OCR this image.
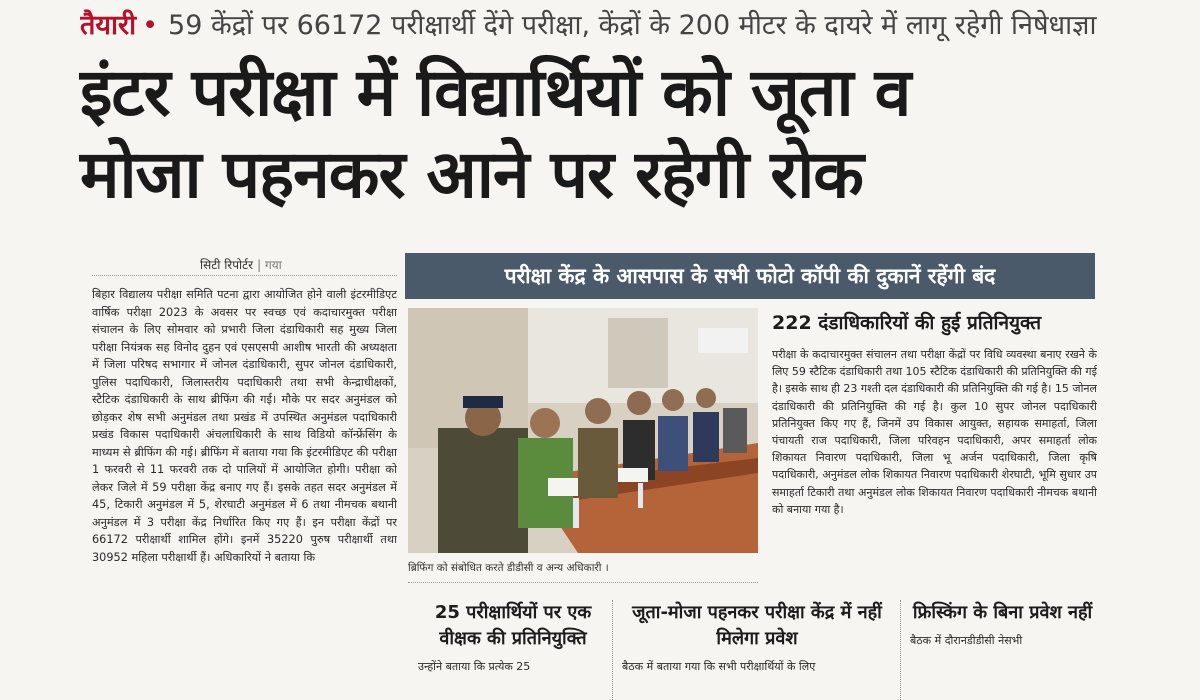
तैयारी • 59 केंद्रों पर 66172 परीक्षार्थी देंगे परीक्षा, केंद्रों के 200 मीटर के दायरे में लागू रहेगी निषेधाज्ञा
इंटर परीक्षा में विद्यार्थियों को जूता व
मोजा पहनकर आने पर रहेगी रोक
सिटी रिपोर्टर | गया
बिहार विद्यालय परीक्षा समिति पटना द्वारा आयोजित होने वाली इंटरमीडिएट वार्षिक परीक्षा 2023 के अवसर पर स्वच्छ एवं कदाचारमुक्त परीक्षा संचालन के लिए सोमवार को प्रभारी जिला दंडाधिकारी सह मुख्य जिला परीक्षा नियंत्रक सह विनोद दुहन एवं एसएसपी आशीष भारती की अध्यक्षता में जिला परिषद सभागार में जोनल दंडाधिकारी, सुपर जोनल दंडाधिकारी, पुलिस पदाधिकारी, जिलास्तरीय पदाधिकारी तथा सभी केन्द्राधीक्षकों, स्टैटिक दंडाधिकारी के साथ ब्रीफिंग की गई। मौके पर सदर अनुमंडल को छोड़कर शेष सभी अनुमंडल तथा प्रखंड में उपस्थित अनुमंडल पदाधिकारी प्रखंड विकास पदाधिकारी अंचलाधिकारी के साथ विडियो कॉन्फ्रेंसिंग के माध्यम से ब्रीफिंग की गई। ब्रीफिंग में बताया गया कि इंटरमीडिएट की परीक्षा 1 फरवरी से 11 फरवरी तक दो पालियों में आयोजित होगी। परीक्षा को लेकर जिले में 59 परीक्षा केंद्र बनाए गए हैं। इसके तहत सदर अनुमंडल में 45, टिकारी अनुमंडल में 5, शेरघाटी अनुमंडल में 6 तथा नीमचक बथानी अनुमंडल में 3 परीक्षा केंद्र निर्धारित किए गए हैं। इन परीक्षा केंद्रों पर 66172 परीक्षार्थी शामिल होंगे। इनमें 35220 पुरुष परीक्षार्थी तथा 30952 महिला परीक्षार्थी हैं। अधिकारियों ने बताया कि
परीक्षा केंद्र के आसपास के सभी फोटो कॉपी की दुकानें रहेंगी बंद
ब्रिफिंग को संबोधित करते डीडीसी व अन्य अधिकारी ।
222 दंडाधिकारियों की हुई प्रतिनियुक्त
परीक्षा के कदाचारमुक्त संचालन तथा परीक्षा केंद्रों पर विधि व्यवस्था बनाए रखने के लिए 59 स्टैटिक दंडाधिकारी तथा 105 स्टैटिक दंडाधिकारी की प्रतिनियुक्ति की गई है। इसके साथ ही 23 गश्ती दल दंडाधिकारी की प्रतिनियुक्ति की गई है। 15 जोनल दंडाधिकारी की प्रतिनियुक्ति की गई है। कुल 10 सुपर जोनल पदाधिकारी प्रतिनियुक्त किए गए हैं, जिनमें उप विकास आयुक्त, सहायक समाहर्ता, जिला पंचायती राज पदाधिकारी, जिला परिवहन पदाधिकारी, अपर समाहर्ता लोक शिकायत निवारण पदाधिकारी, जिला भू अर्जन पदाधिकारी, जिला कृषि पदाधिकारी, अनुमंडल लोक शिकायत निवारण पदाधिकारी शेरघाटी, भूमि सुधार उप समाहर्ता टिकारी तथा अनुमंडल लोक शिकायत निवारण पदाधिकारी नीमचक बथानी को बनाया गया है।
25 परीक्षार्थियों पर एक वीक्षक की प्रतिनियुक्ति
उन्होंने बताया कि प्रत्येक 25
जूता-मोजा पहनकर परीक्षा केंद्र में नहीं मिलेगा प्रवेश
बैठक में बताया गया कि सभी परीक्षार्थियों के लिए
फ्रिस्किंग के बिना प्रवेश नहीं
बैठक में दौरानडीडीसी नेसभी
